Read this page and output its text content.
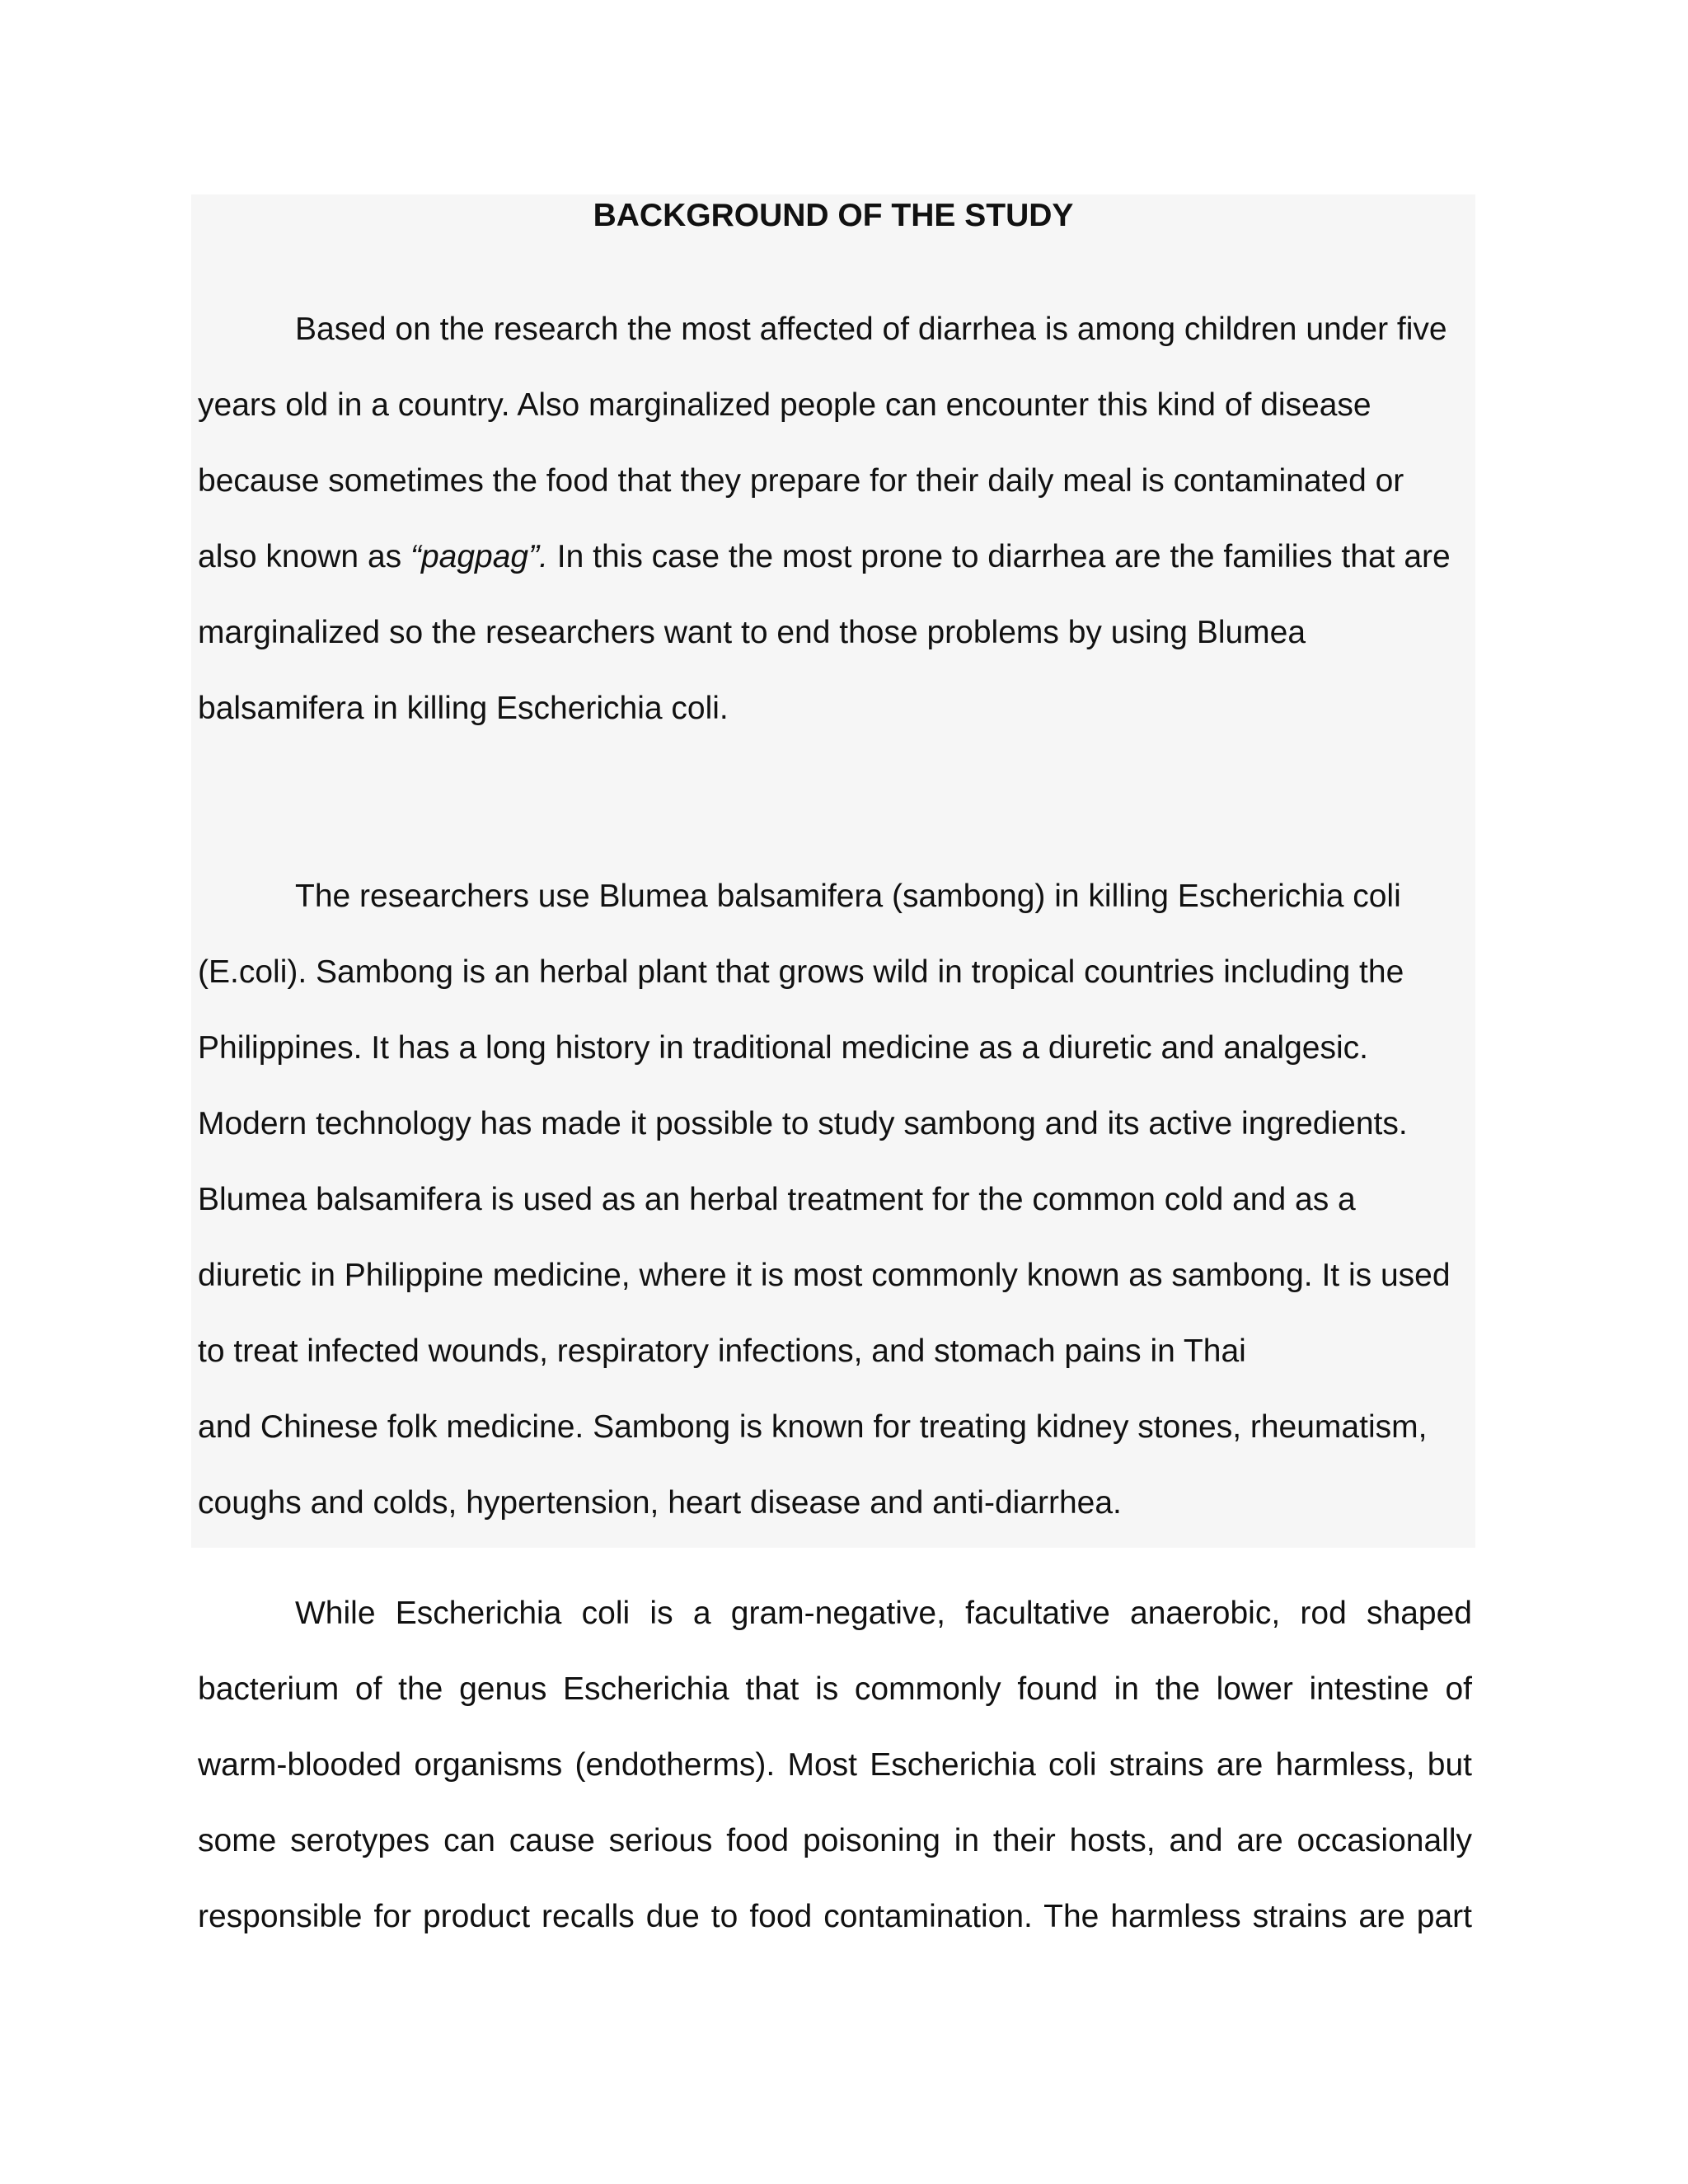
BACKGROUND OF THE STUDY
Based on the research the most affected of diarrhea is among children under five
years old in a country. Also marginalized people can encounter this kind of disease
because sometimes the food that they prepare for their daily meal is contaminated or
also known as “pagpag”. In this case the most prone to diarrhea are the families that are
marginalized so the researchers want to end those problems by using Blumea
balsamifera in killing Escherichia coli.
The researchers use Blumea balsamifera (sambong) in killing Escherichia coli
(E.coli). Sambong is an herbal plant that grows wild in tropical countries including the
Philippines. It has a long history in traditional medicine as a diuretic and analgesic.
Modern technology has made it possible to study sambong and its active ingredients.
Blumea balsamifera is used as an herbal treatment for the common cold and as a
diuretic in Philippine medicine, where it is most commonly known as sambong. It is used
to treat infected wounds, respiratory infections, and stomach pains in Thai
and Chinese folk medicine. Sambong is known for treating kidney stones, rheumatism,
coughs and colds, hypertension, heart disease and anti-diarrhea.
While Escherichia coli is a gram-negative, facultative anaerobic, rod shaped
bacterium of the genus Escherichia that is commonly found in the lower intestine of
warm-blooded organisms (endotherms). Most Escherichia coli strains are harmless, but
some serotypes can cause serious food poisoning in their hosts, and are occasionally
responsible for product recalls due to food contamination. The harmless strains are part
